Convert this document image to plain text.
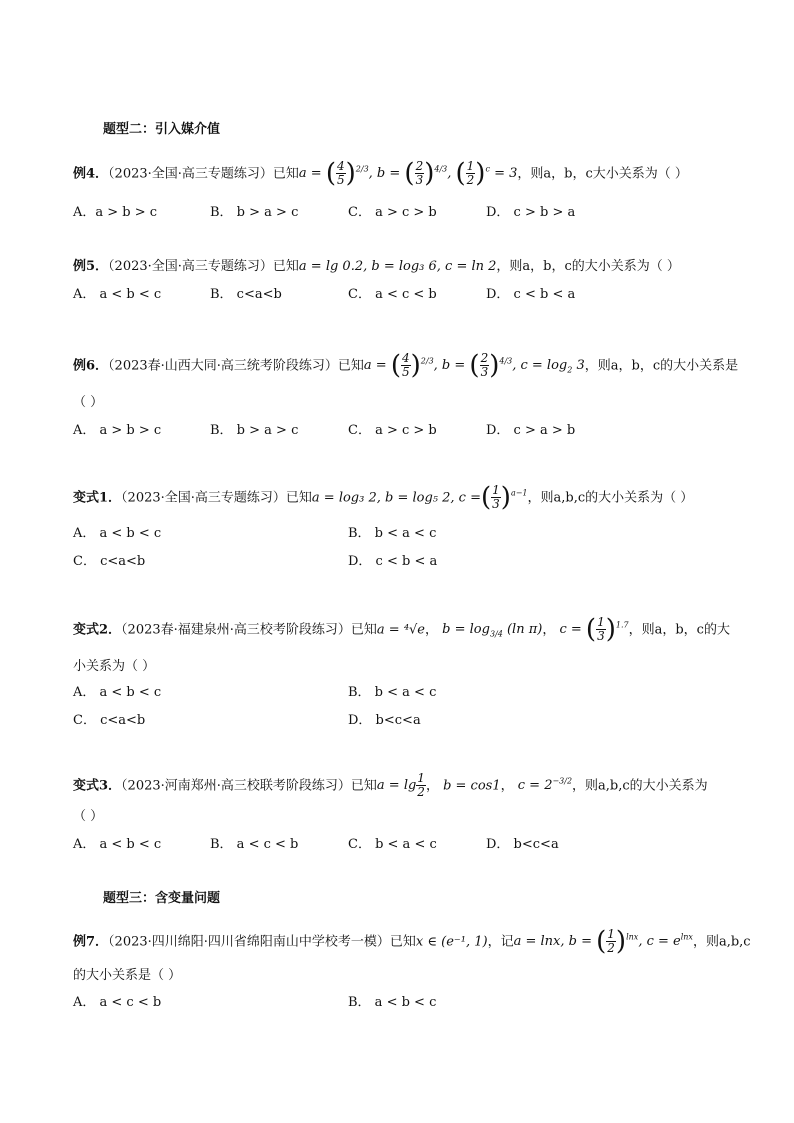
题型二：引入媒介值
例4．（2023·全国·高三专题练习）已知a = ( $\frac{4}{5} )^{2/3}$, b = ( $\frac{2}{3} )^{4/3}$, ( $\frac{1}{2} )^c = 3$，则a，b，c大小关系为（ ）
A．a > b > c	B． b > a > c	C． a > c > b	D． c > b > a
例5．（2023·全国·高三专题练习）已知a = lg 0.2, b = log₃ 6, c = ln 2，则a，b，c的大小关系为（ ）
A． a < b < c	B． c<a<b	C． a < c < b	D． c < b < a
例6．（2023春·山西大同·高三统考阶段练习）已知a = ( $\frac{4}{5} )^{2/3}$, b = ( $\frac{2}{3} )^{4/3}$, $c = \log_2 3$，则a，b，c的大小关系是
（ ）
A． a > b > c	B． b > a > c	C． a > c > b	D． c > a > b
变式1．（2023·全国·高三专题练习）已知a = log₃ 2, b = log₅ 2, c =( $\frac{1}{3} )^{a-1}$，则a,b,c的大小关系为（ ）
A． a < b < c	B． b < a < c
C． c<a<b	D． c < b < a
变式2．（2023春·福建泉州·高三校考阶段练习）已知a = ⁴√e， $b = \log_{3/4} (\ln$ π)， c = ( $\frac{1}{3} )^{1.7}$，则a，b，c的大
小关系为（ ）
A． a < b < c	B． b < a < c
C． c<a<b	D． b<c<a
变式3．（2023·河南郑州·高三校联考阶段练习）已知$a = \lg \frac{1}{2}$ ， b = cos1， $c = 2^{-3/2}$，则a,b,c的大小关系为
（ ）
A． a < b < c	B． a < c < b	C． b < a < c	D． b<c<a
题型三：含变量问题
例7．（2023·四川绵阳·四川省绵阳南山中学校考一模）已知x ∈ (e⁻¹, 1)，记a = lnx, b = ( $\frac{1}{2} )^{lnx}$, $c = e^{lnx}$，则a,b,c
的大小关系是（ ）
A． a < c < b	B． a < b < c
